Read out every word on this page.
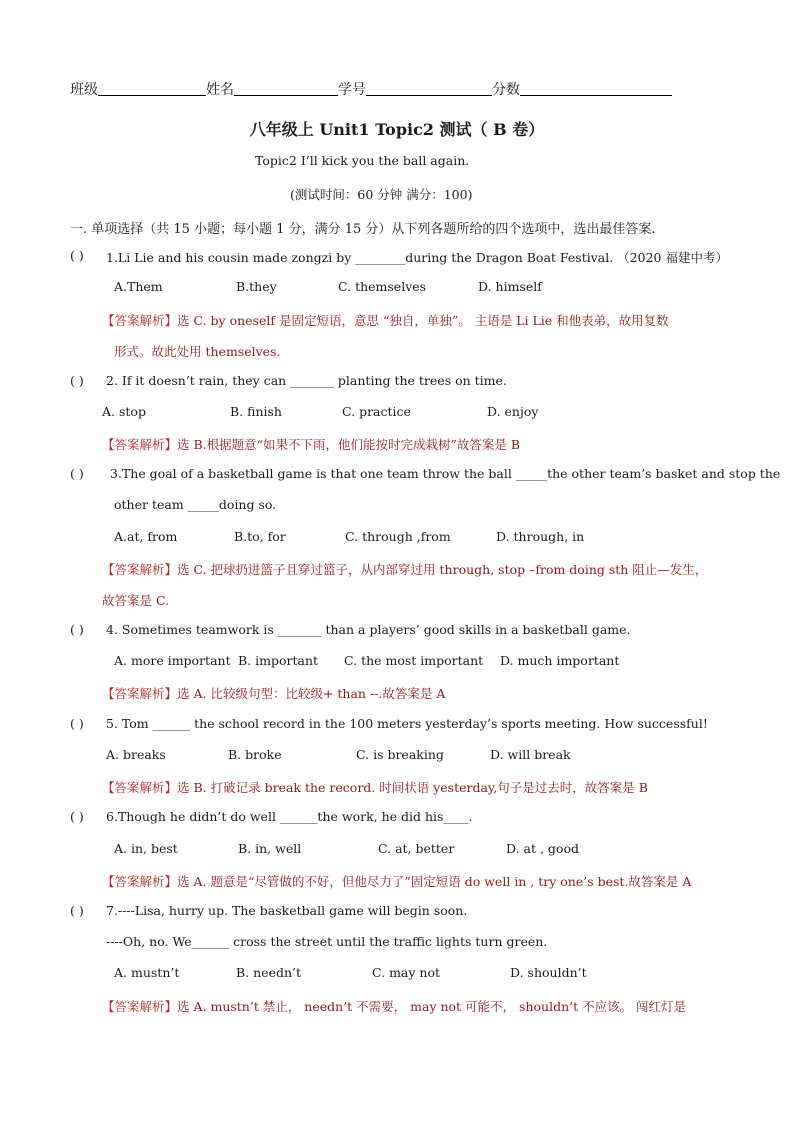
班级	姓名	学号	分数
八年级上 Unit1 Topic2 测试（ B 卷）
Topic2 I’ll kick you the ball again.
(测试时间：60 分钟 满分：100)
一. 单项选择（共 15 小题；每小题 1 分，满分 15 分）从下列各题所给的四个选项中，选出最佳答案.
( ) 1.Li Lie and his cousin made zongzi by ________during the Dragon Boat Festival. （2020 福建中考）
A.Them	B.they	C. themselves	D. himself
【答案解析】选 C. by oneself 是固定短语，意思 “独自，单独”。 主语是 Li Lie 和他表弟，故用复数
形式。故此处用 themselves.
( ) 2. If it doesn’t rain, they can _______ planting the trees on time.
A. stop	B. finish	C. practice	D. enjoy
【答案解析】选 B.根据题意“如果不下雨，他们能按时完成栽树”故答案是 B
( ) 3.The goal of a basketball game is that one team throw the ball _____the other team’s basket and stop the
other team _____doing so.
A.at, from	B.to, for	C. through ,from	D. through, in
【答案解析】选 C. 把球扔进篮子且穿过篮子，从内部穿过用 through, stop –from doing sth 阻止—发生，
故答案是 C.
( ) 4. Sometimes teamwork is _______ than a players’ good skills in a basketball game.
A. more important B. important C. the most important D. much important
【答案解析】选 A. 比较级句型：比较级+ than --.故答案是 A
( ) 5. Tom ______ the school record in the 100 meters yesterday’s sports meeting. How successful!
A. breaks	B. broke	C. is breaking	D. will break
【答案解析】选 B. 打破记录 break the record. 时间状语 yesterday,句子是过去时，故答案是 B
( ) 6.Though he didn’t do well ______the work, he did his____.
A. in, best	B. in, well	C. at, better	D. at , good
【答案解析】选 A. 题意是“尽管做的不好，但他尽力了”固定短语 do well in , try one’s best.故答案是 A
( ) 7.----Lisa, hurry up. The basketball game will begin soon.
----Oh, no. We______ cross the street until the traffic lights turn green.
A. mustn’t	B. needn’t	C. may not	D. shouldn’t
【答案解析】选 A. mustn’t 禁止， needn’t 不需要， may not 可能不， shouldn’t 不应该。 闯红灯是
